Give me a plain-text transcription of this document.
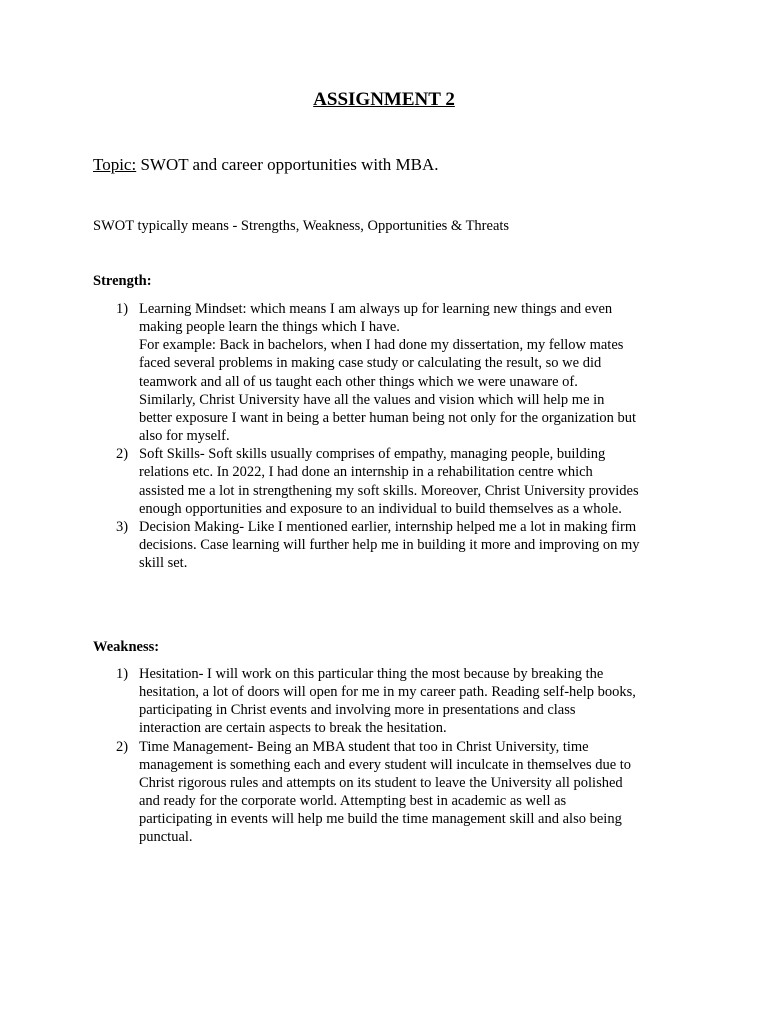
ASSIGNMENT 2
Topic: SWOT and career opportunities with MBA.
SWOT typically means - Strengths, Weakness, Opportunities & Threats
Strength:
1) Learning Mindset: which means I am always up for learning new things and even
making people learn the things which I have.
For example: Back in bachelors, when I had done my dissertation, my fellow mates
faced several problems in making case study or calculating the result, so we did
teamwork and all of us taught each other things which we were unaware of.
Similarly, Christ University have all the values and vision which will help me in
better exposure I want in being a better human being not only for the organization but
also for myself.
2) Soft Skills- Soft skills usually comprises of empathy, managing people, building
relations etc. In 2022, I had done an internship in a rehabilitation centre which
assisted me a lot in strengthening my soft skills. Moreover, Christ University provides
enough opportunities and exposure to an individual to build themselves as a whole.
3) Decision Making- Like I mentioned earlier, internship helped me a lot in making firm
decisions. Case learning will further help me in building it more and improving on my
skill set.
Weakness:
1) Hesitation- I will work on this particular thing the most because by breaking the
hesitation, a lot of doors will open for me in my career path. Reading self-help books,
participating in Christ events and involving more in presentations and class
interaction are certain aspects to break the hesitation.
2) Time Management- Being an MBA student that too in Christ University, time
management is something each and every student will inculcate in themselves due to
Christ rigorous rules and attempts on its student to leave the University all polished
and ready for the corporate world. Attempting best in academic as well as
participating in events will help me build the time management skill and also being
punctual.
